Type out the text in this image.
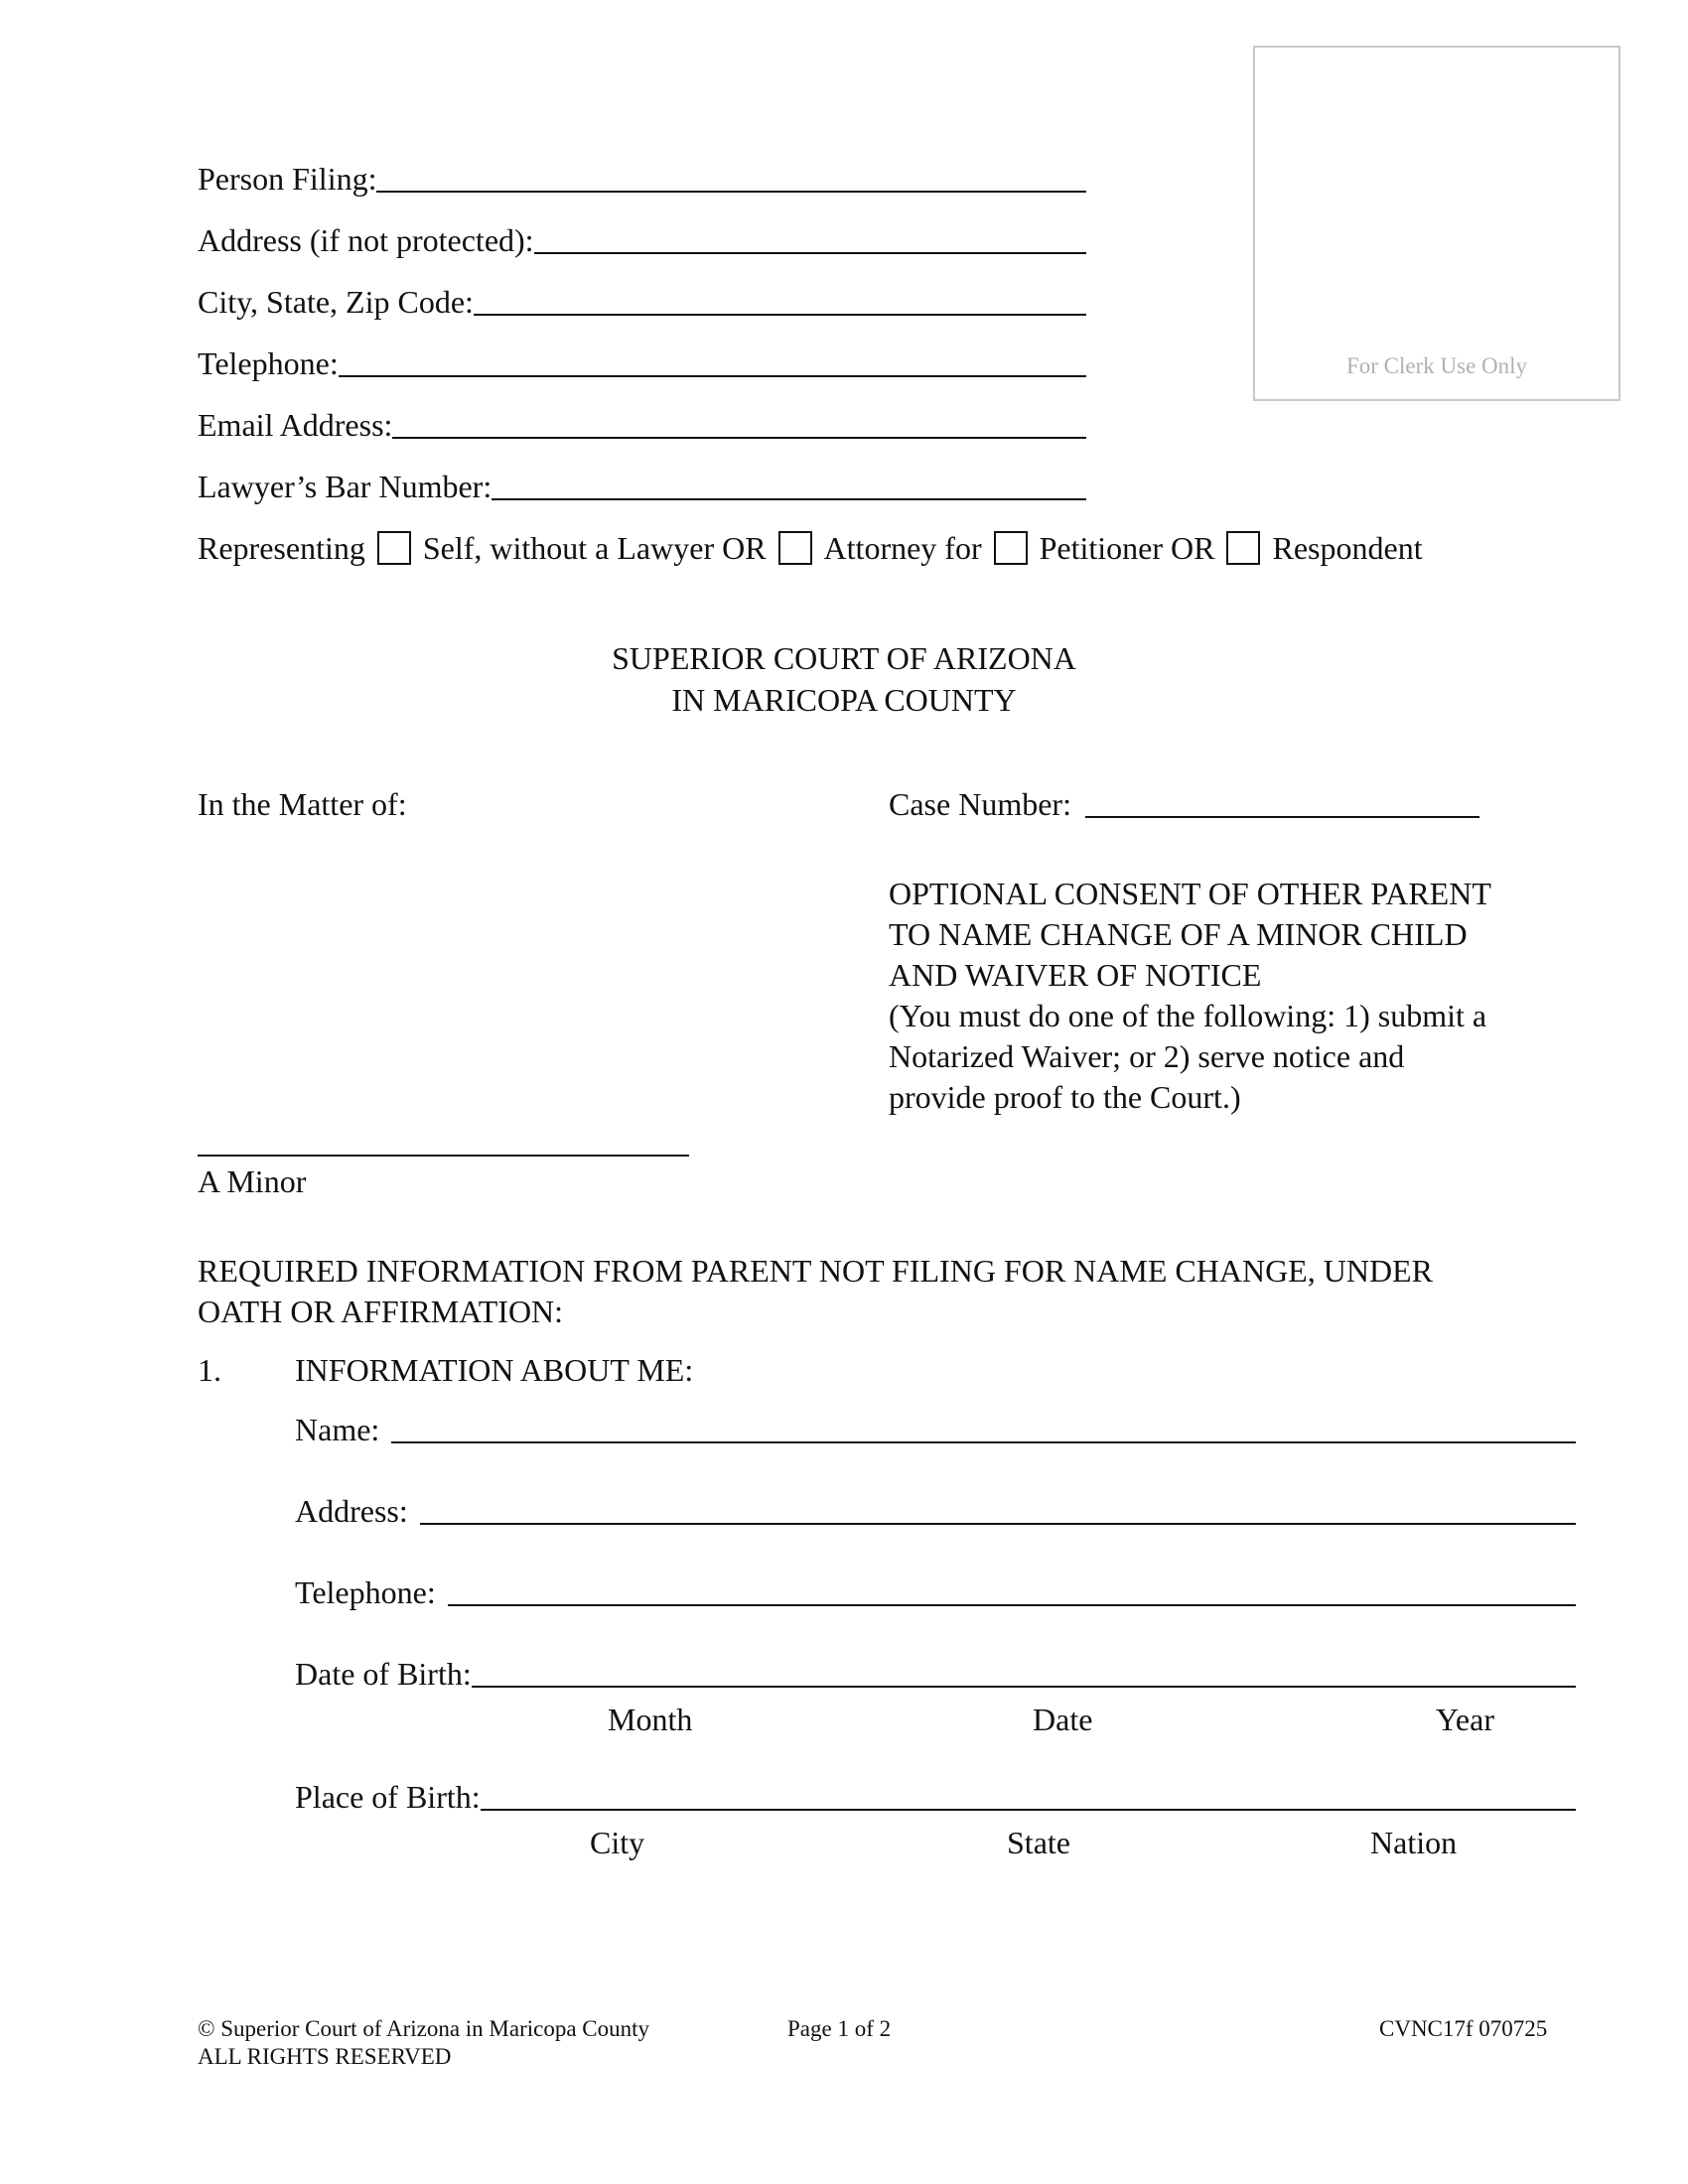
For Clerk Use Only
Person Filing:
Address (if not protected):
City, State, Zip Code:
Telephone:
Email Address:
Lawyer’s Bar Number:
Representing Self, without a Lawyer OR Attorney for Petitioner OR Respondent
SUPERIOR COURT OF ARIZONA
IN MARICOPA COUNTY
In the Matter of:	Case Number:
OPTIONAL CONSENT OF OTHER PARENT
TO NAME CHANGE OF A MINOR CHILD
AND WAIVER OF NOTICE
(You must do one of the following: 1) submit a
Notarized Waiver; or 2) serve notice and
provide proof to the Court.)
A Minor
REQUIRED INFORMATION FROM PARENT NOT FILING FOR NAME CHANGE, UNDER
OATH OR AFFIRMATION:
1. INFORMATION ABOUT ME:
Name:
Address:
Telephone:
Date of Birth:
Month	Date	Year
Place of Birth:
City	State	Nation
© Superior Court of Arizona in Maricopa County
ALL RIGHTS RESERVED
Page 1 of 2	CVNC17f 070725
